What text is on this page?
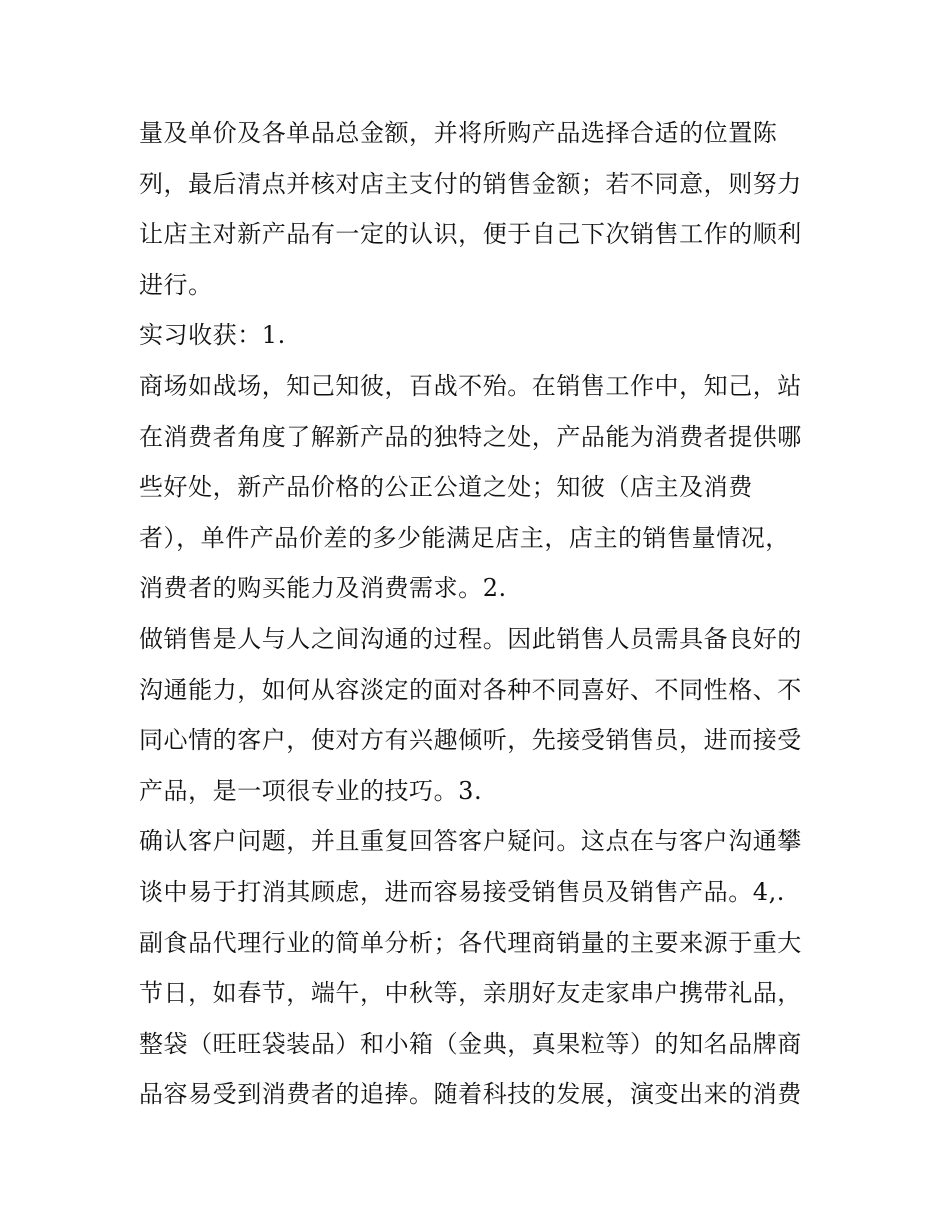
量及单价及各单品总金额，并将所购产品选择合适的位置陈
列，最后清点并核对店主支付的销售金额；若不同意，则努力
让店主对新产品有一定的认识，便于自己下次销售工作的顺利
进行。
实习收获：1.
商场如战场，知己知彼，百战不殆。在销售工作中，知己，站
在消费者角度了解新产品的独特之处，产品能为消费者提供哪
些好处，新产品价格的公正公道之处；知彼（店主及消费
者），单件产品价差的多少能满足店主，店主的销售量情况，
消费者的购买能力及消费需求。2.
做销售是人与人之间沟通的过程。因此销售人员需具备良好的
沟通能力，如何从容淡定的面对各种不同喜好、不同性格、不
同心情的客户，使对方有兴趣倾听，先接受销售员，进而接受
产品，是一项很专业的技巧。3.
确认客户问题，并且重复回答客户疑问。这点在与客户沟通攀
谈中易于打消其顾虑，进而容易接受销售员及销售产品。4,.
副食品代理行业的简单分析；各代理商销量的主要来源于重大
节日，如春节，端午，中秋等，亲朋好友走家串户携带礼品，
整袋（旺旺袋装品）和小箱（金典，真果粒等）的知名品牌商
品容易受到消费者的追捧。随着科技的发展，演变出来的消费
